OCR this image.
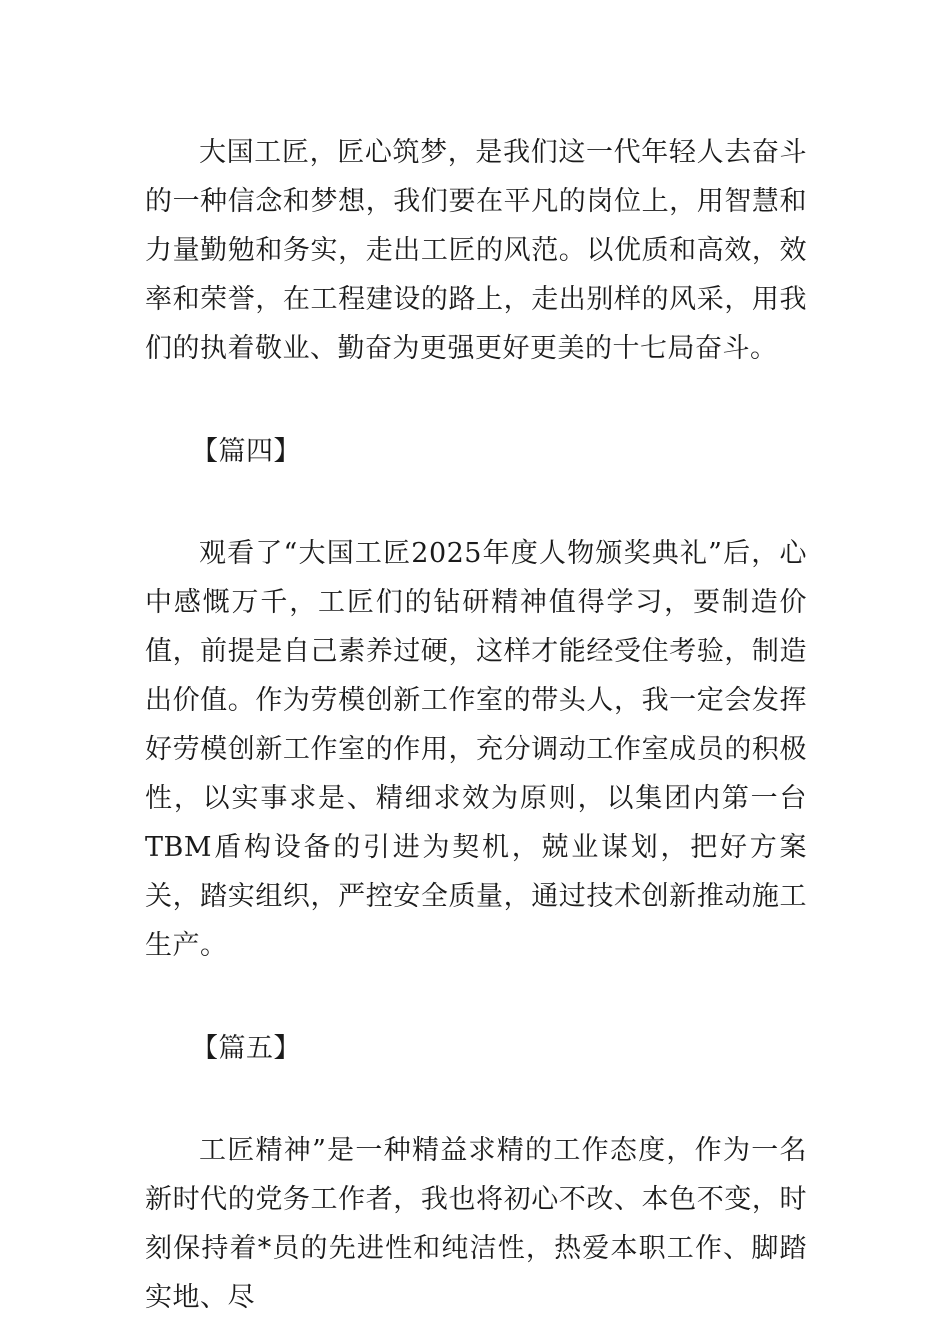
大国工匠，匠心筑梦，是我们这一代年轻人去奋斗的一种信念和梦想，我们要在平凡的岗位上，用智慧和力量勤勉和务实，走出工匠的风范。以优质和高效，效率和荣誉，在工程建设的路上，走出别样的风采，用我们的执着敬业、勤奋为更强更好更美的十七局奋斗。

【篇四】

观看了“大国工匠2025年度人物颁奖典礼”后，心中感慨万千，工匠们的钻研精神值得学习，要制造价值，前提是自己素养过硬，这样才能经受住考验，制造出价值。作为劳模创新工作室的带头人，我一定会发挥好劳模创新工作室的作用，充分调动工作室成员的积极性，以实事求是、精细求效为原则，以集团内第一台TBM盾构设备的引进为契机，兢业谋划，把好方案关，踏实组织，严控安全质量，通过技术创新推动施工生产。

【篇五】

工匠精神”是一种精益求精的工作态度，作为一名新时代的党务工作者，我也将初心不改、本色不变，时刻保持着*员的先进性和纯洁性，热爱本职工作、脚踏实地、尽
